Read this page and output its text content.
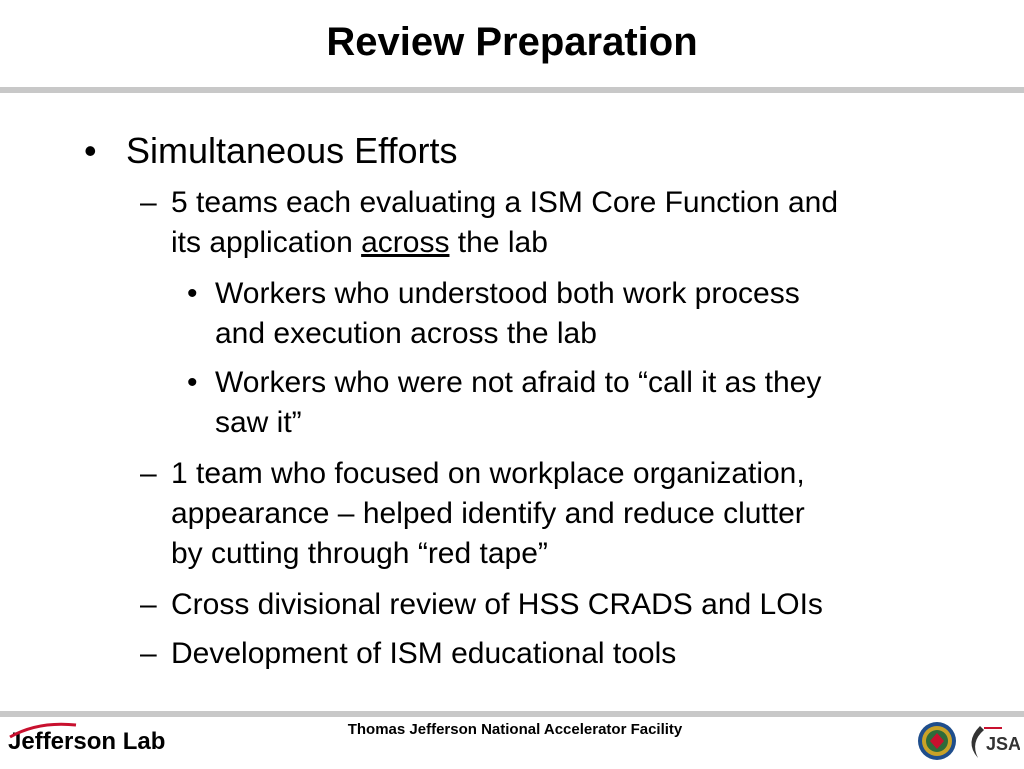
Review Preparation
• Simultaneous Efforts
– 5 teams each evaluating a ISM Core Function and
its application across the lab
• Workers who understood both work process
and execution across the lab
• Workers who were not afraid to “call it as they
saw it”
– 1 team who focused on workplace organization,
appearance – helped identify and reduce clutter
by cutting through “red tape”
– Cross divisional review of HSS CRADS and LOIs
– Development of ISM educational tools
Jefferson Lab	Thomas Jefferson National Accelerator Facility
JSA
